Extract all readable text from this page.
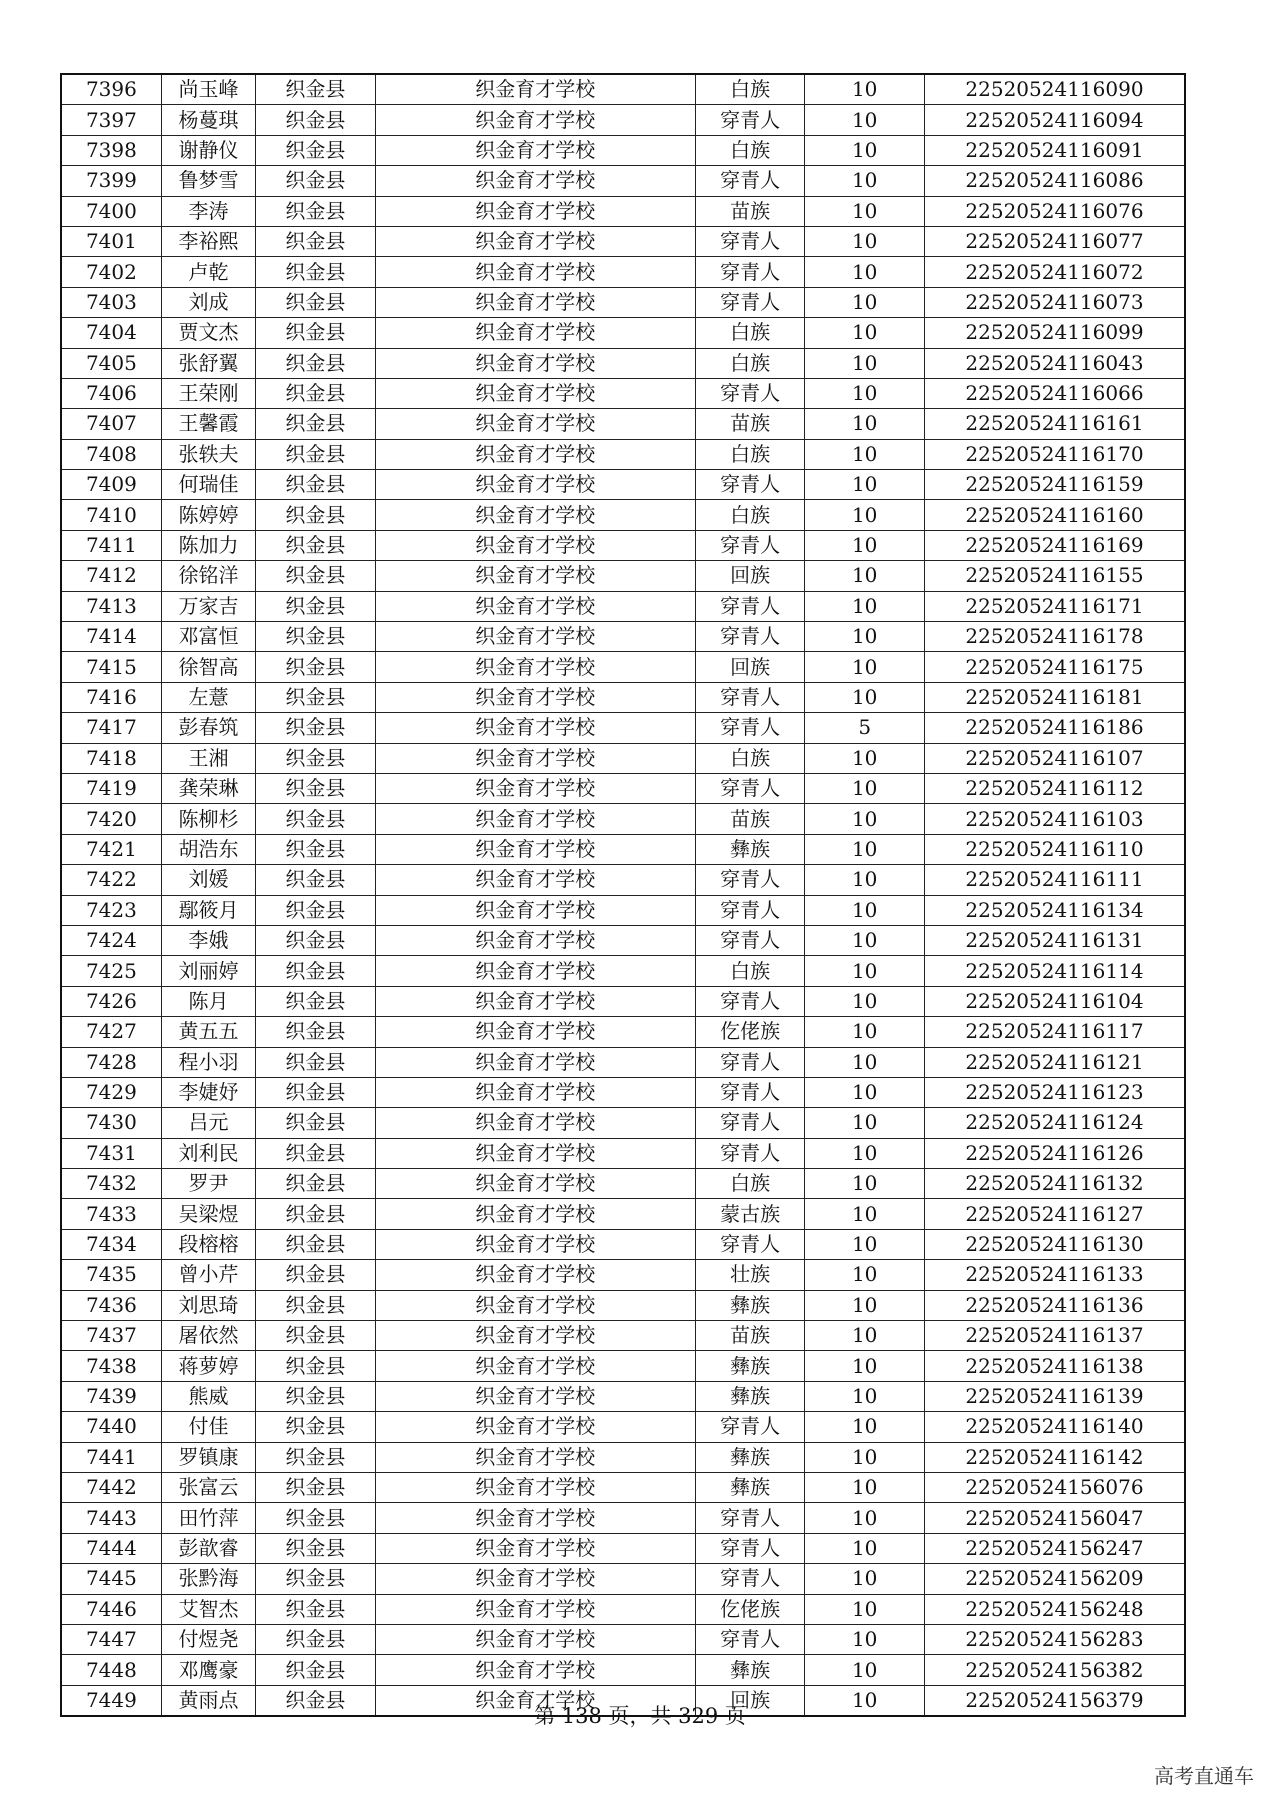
7396	尚玉峰	织金县	织金育才学校	白族	10	22520524116090
7397	杨蔓琪	织金县	织金育才学校	穿青人	10	22520524116094
7398	谢静仪	织金县	织金育才学校	白族	10	22520524116091
7399	鲁梦雪	织金县	织金育才学校	穿青人	10	22520524116086
7400	李涛	织金县	织金育才学校	苗族	10	22520524116076
7401	李裕熙	织金县	织金育才学校	穿青人	10	22520524116077
7402	卢乾	织金县	织金育才学校	穿青人	10	22520524116072
7403	刘成	织金县	织金育才学校	穿青人	10	22520524116073
7404	贾文杰	织金县	织金育才学校	白族	10	22520524116099
7405	张舒翼	织金县	织金育才学校	白族	10	22520524116043
7406	王荣刚	织金县	织金育才学校	穿青人	10	22520524116066
7407	王馨霞	织金县	织金育才学校	苗族	10	22520524116161
7408	张轶夫	织金县	织金育才学校	白族	10	22520524116170
7409	何瑞佳	织金县	织金育才学校	穿青人	10	22520524116159
7410	陈婷婷	织金县	织金育才学校	白族	10	22520524116160
7411	陈加力	织金县	织金育才学校	穿青人	10	22520524116169
7412	徐铭洋	织金县	织金育才学校	回族	10	22520524116155
7413	万家吉	织金县	织金育才学校	穿青人	10	22520524116171
7414	邓富恒	织金县	织金育才学校	穿青人	10	22520524116178
7415	徐智高	织金县	织金育才学校	回族	10	22520524116175
7416	左薏	织金县	织金育才学校	穿青人	10	22520524116181
7417	彭春筑	织金县	织金育才学校	穿青人	5	22520524116186
7418	王湘	织金县	织金育才学校	白族	10	22520524116107
7419	龚荣琳	织金县	织金育才学校	穿青人	10	22520524116112
7420	陈柳杉	织金县	织金育才学校	苗族	10	22520524116103
7421	胡浩东	织金县	织金育才学校	彝族	10	22520524116110
7422	刘媛	织金县	织金育才学校	穿青人	10	22520524116111
7423	鄢筱月	织金县	织金育才学校	穿青人	10	22520524116134
7424	李娥	织金县	织金育才学校	穿青人	10	22520524116131
7425	刘丽婷	织金县	织金育才学校	白族	10	22520524116114
7426	陈月	织金县	织金育才学校	穿青人	10	22520524116104
7427	黄五五	织金县	织金育才学校	仡佬族	10	22520524116117
7428	程小羽	织金县	织金育才学校	穿青人	10	22520524116121
7429	李婕妤	织金县	织金育才学校	穿青人	10	22520524116123
7430	吕元	织金县	织金育才学校	穿青人	10	22520524116124
7431	刘利民	织金县	织金育才学校	穿青人	10	22520524116126
7432	罗尹	织金县	织金育才学校	白族	10	22520524116132
7433	吴梁煜	织金县	织金育才学校	蒙古族	10	22520524116127
7434	段榕榕	织金县	织金育才学校	穿青人	10	22520524116130
7435	曾小芹	织金县	织金育才学校	壮族	10	22520524116133
7436	刘思琦	织金县	织金育才学校	彝族	10	22520524116136
7437	屠依然	织金县	织金育才学校	苗族	10	22520524116137
7438	蒋萝婷	织金县	织金育才学校	彝族	10	22520524116138
7439	熊威	织金县	织金育才学校	彝族	10	22520524116139
7440	付佳	织金县	织金育才学校	穿青人	10	22520524116140
7441	罗镇康	织金县	织金育才学校	彝族	10	22520524116142
7442	张富云	织金县	织金育才学校	彝族	10	22520524156076
7443	田竹萍	织金县	织金育才学校	穿青人	10	22520524156047
7444	彭歆睿	织金县	织金育才学校	穿青人	10	22520524156247
7445	张黔海	织金县	织金育才学校	穿青人	10	22520524156209
7446	艾智杰	织金县	织金育才学校	仡佬族	10	22520524156248
7447	付煜尧	织金县	织金育才学校	穿青人	10	22520524156283
7448	邓鹰豪	织金县	织金育才学校	彝族	10	22520524156382
7449	黄雨点	织金县	织金育才学校	回族	10	22520524156379
第 138 页，共 329 页
高考直通车
